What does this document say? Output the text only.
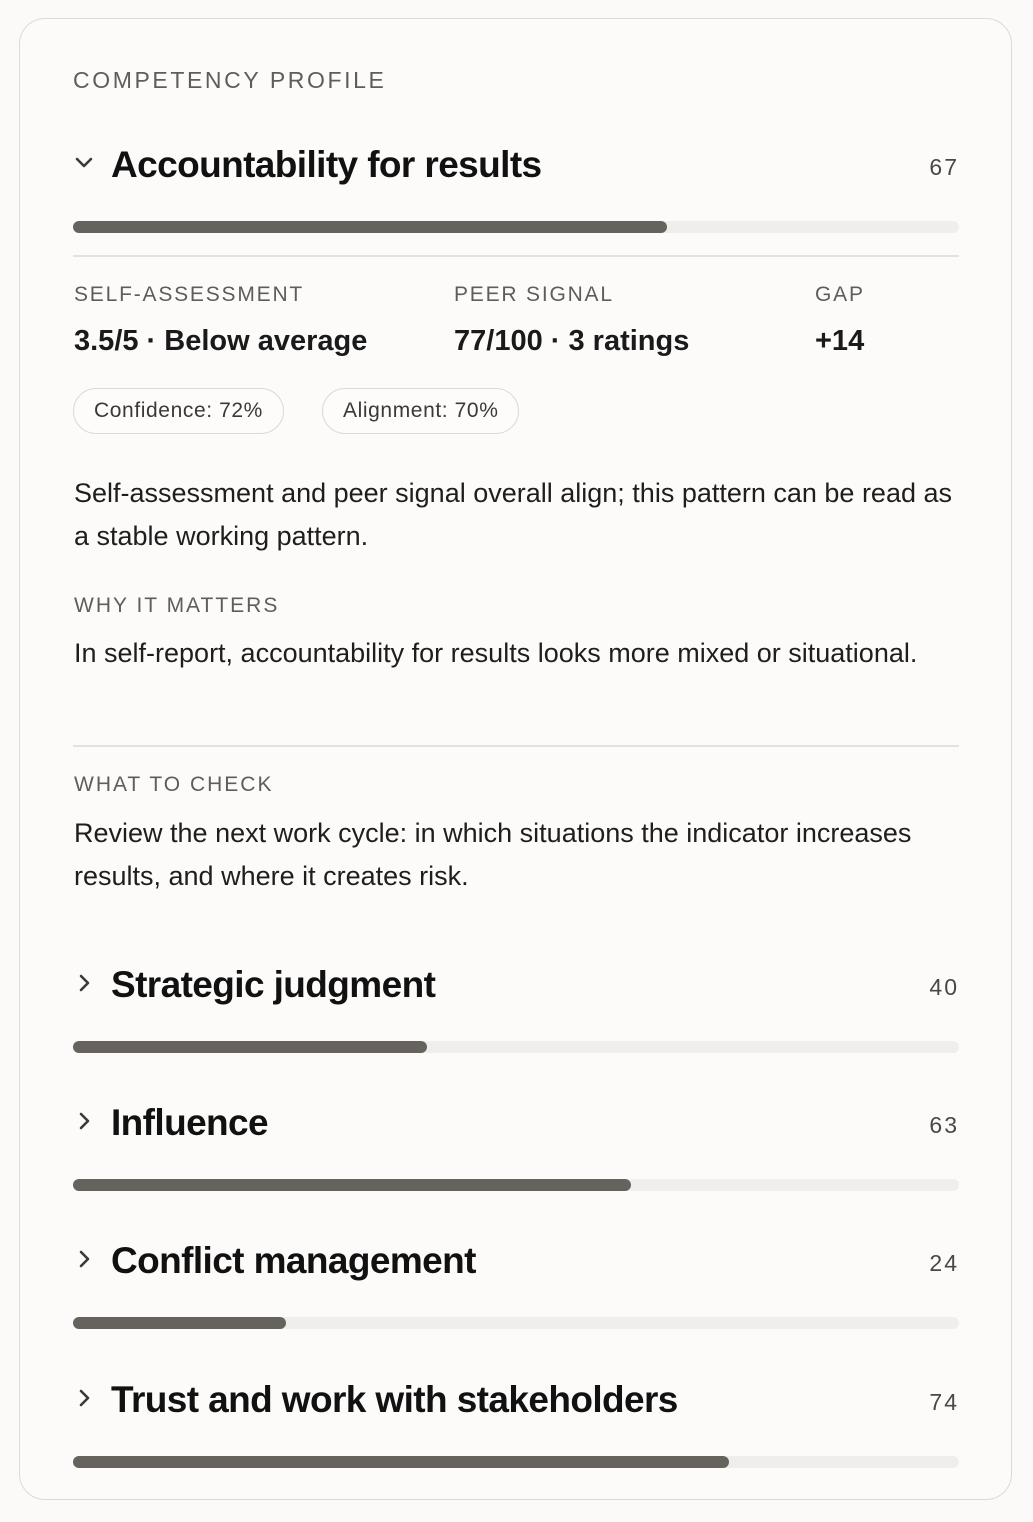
COMPETENCY PROFILE
Accountability for results	67
SELF-ASSESSMENT
3.5/5 · Below average
PEER SIGNAL
77/100 · 3 ratings
GAP
+14
Confidence: 72%	Alignment: 70%
Self-assessment and peer signal overall align; this pattern can be read as a stable working pattern.
WHY IT MATTERS
In self-report, accountability for results looks more mixed or situational.
WHAT TO CHECK
Review the next work cycle: in which situations the indicator increases results, and where it creates risk.
Strategic judgment	40
Influence	63
Conflict management	24
Trust and work with stakeholders	74
